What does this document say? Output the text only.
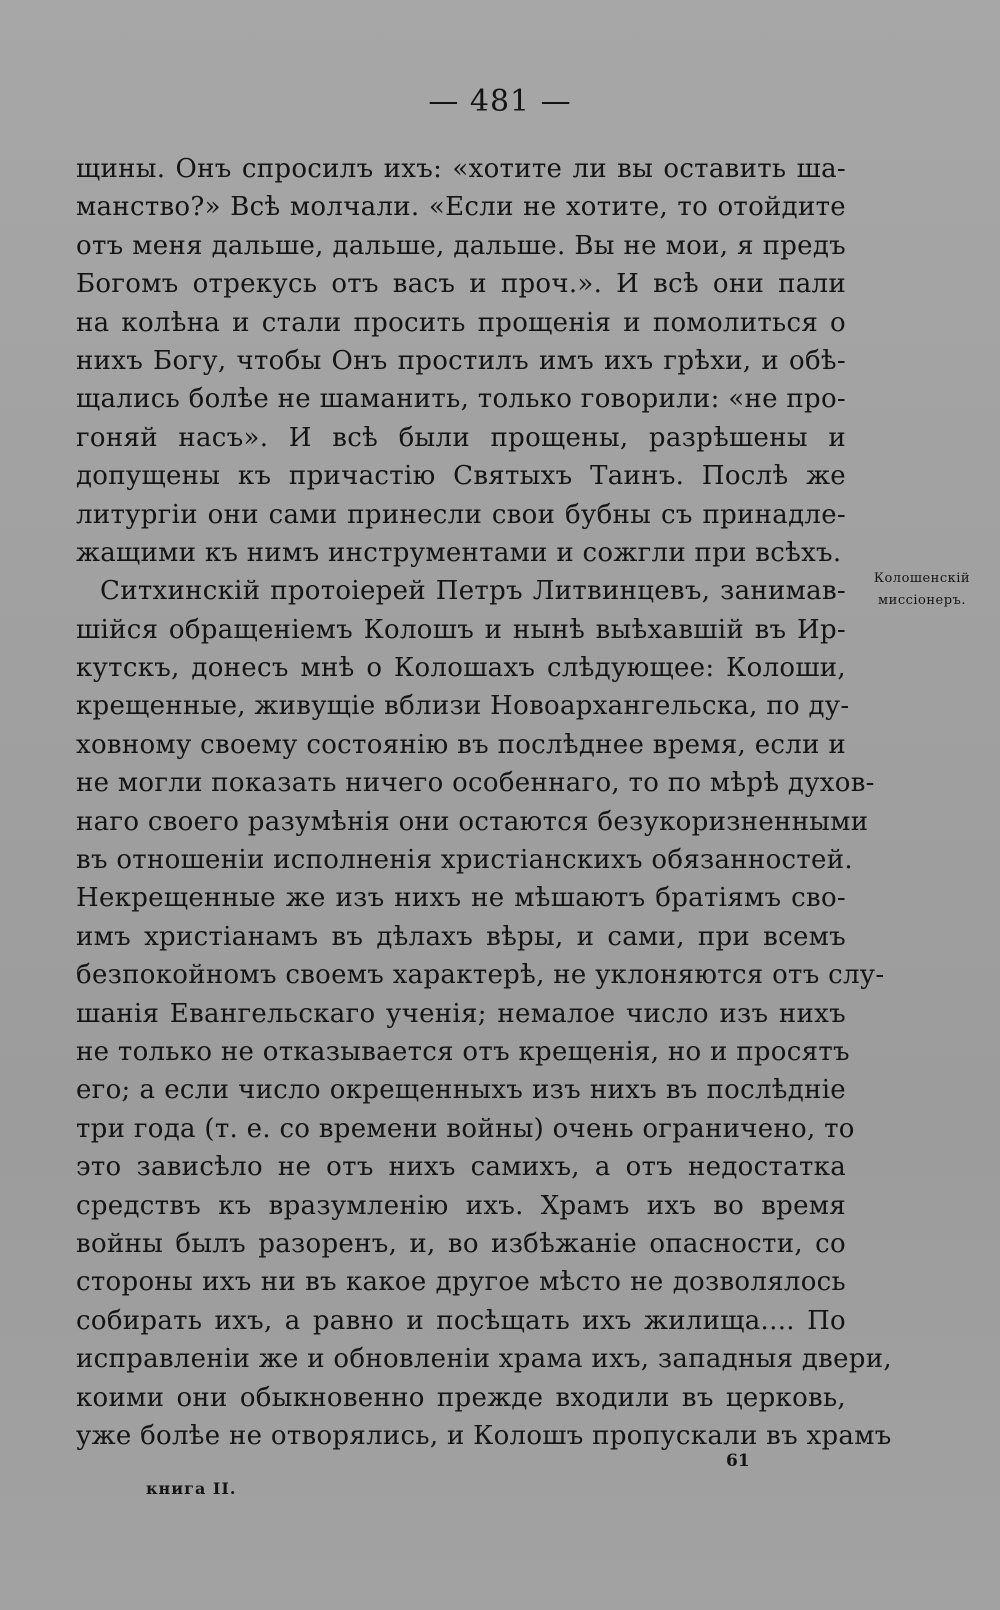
— 481 —
щины. Онъ спросилъ ихъ: «хотите ли вы оставить ша-
манство?» Всѣ молчали. «Если не хотите, то отойдите
отъ меня дальше, дальше, дальше. Вы не мои, я предъ
Богомъ отрекусь отъ васъ и проч.». И всѣ они пали
на колѣна и стали просить прощенія и помолиться о
нихъ Богу, чтобы Онъ простилъ имъ ихъ грѣхи, и обѣ-
щались болѣе не шаманить, только говорили: «не про-
гоняй насъ». И всѣ были прощены, разрѣшены и
допущены къ причастію Святыхъ Таинъ. Послѣ же
литургіи они сами принесли свои бубны съ принадле-
жащими къ нимъ инструментами и сожгли при всѣхъ.
Ситхинскій протоіерей Петръ Литвинцевъ, занимав-
шійся обращеніемъ Колошъ и нынѣ выѣхавшій въ Ир-
кутскъ, донесъ мнѣ о Колошахъ слѣдующее: Колоши,
крещенные, живущіе вблизи Новоархангельска, по ду-
ховному своему состоянію въ послѣднее время, если и
не могли показать ничего особеннаго, то по мѣрѣ духов-
наго своего разумѣнія они остаются безукоризненными
въ отношеніи исполненія христіанскихъ обязанностей.
Некрещенные же изъ нихъ не мѣшаютъ братіямъ сво-
имъ христіанамъ въ дѣлахъ вѣры, и сами, при всемъ
безпокойномъ своемъ характерѣ, не уклоняются отъ слу-
шанія Евангельскаго ученія; немалое число изъ нихъ
не только не отказывается отъ крещенія, но и просятъ
его; а если число окрещенныхъ изъ нихъ въ послѣдніе
три года (т. е. со времени войны) очень ограничено, то
это зависѣло не отъ нихъ самихъ, а отъ недостатка
средствъ къ вразумленію ихъ. Храмъ ихъ во время
войны былъ разоренъ, и, во избѣжаніе опасности, со
стороны ихъ ни въ какое другое мѣсто не дозволялось
собирать ихъ, а равно и посѣщать ихъ жилища.... По
исправленіи же и обновленіи храма ихъ, западныя двери,
коими они обыкновенно прежде входили въ церковь,
уже болѣе не отворялись, и Колошъ пропускали въ храмъ
Колошенскій
миссіонеръ.
61
книга II.
